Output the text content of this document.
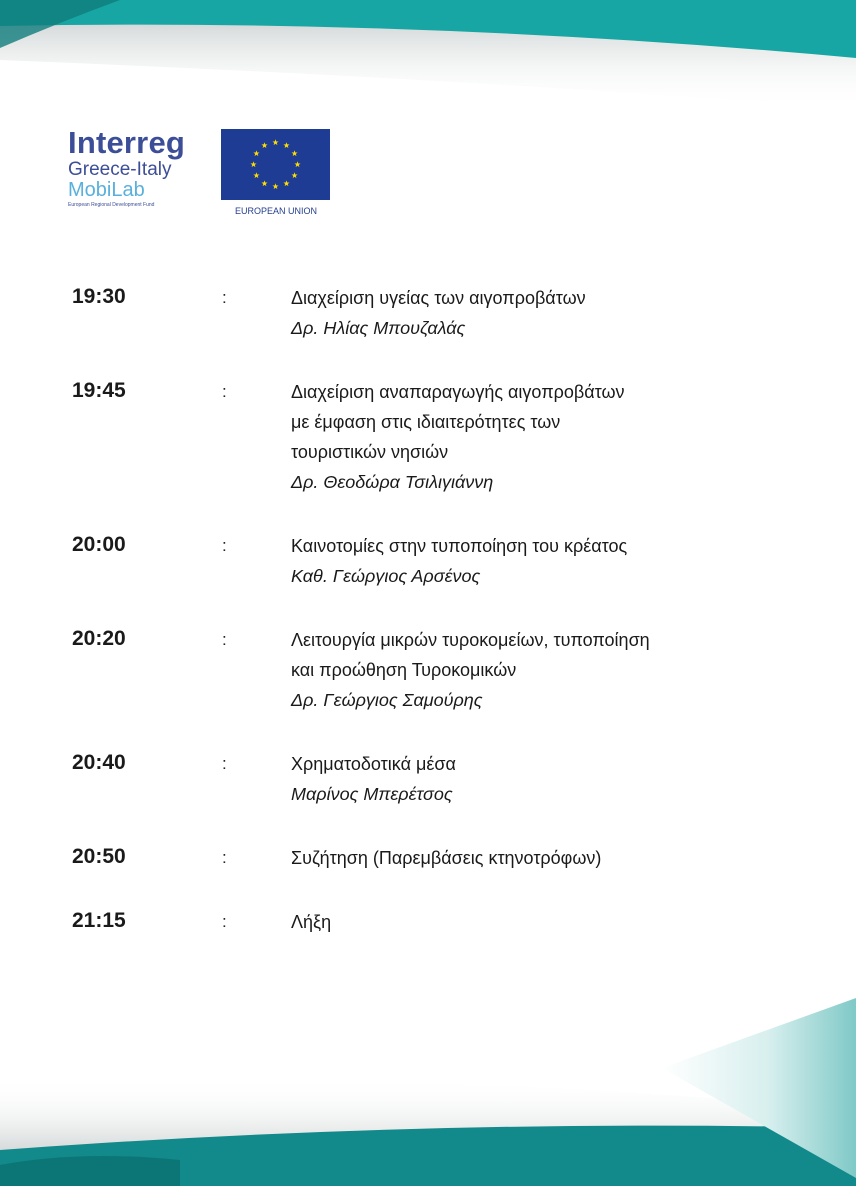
Interreg
Greece-Italy
MobiLab
European Regional Development Fund
EUROPEAN UNION
19:30	:	Διαχείριση υγείας των αιγοπροβάτων
Δρ. Ηλίας Μπουζαλάς
19:45	:	Διαχείριση αναπαραγωγής αιγοπροβάτων
με έμφαση στις ιδιαιτερότητες των
τουριστικών νησιών
Δρ. Θεοδώρα Τσιλιγιάννη
20:00	:	Καινοτομίες στην τυποποίηση του κρέατος
Καθ. Γεώργιος Αρσένος
20:20	:	Λειτουργία μικρών τυροκομείων, τυποποίηση
και προώθηση Τυροκομικών
Δρ. Γεώργιος Σαμούρης
20:40	:	Χρηματοδοτικά μέσα
Μαρίνος Μπερέτσος
20:50	:	Συζήτηση (Παρεμβάσεις κτηνοτρόφων)
21:15	:	Λήξη
